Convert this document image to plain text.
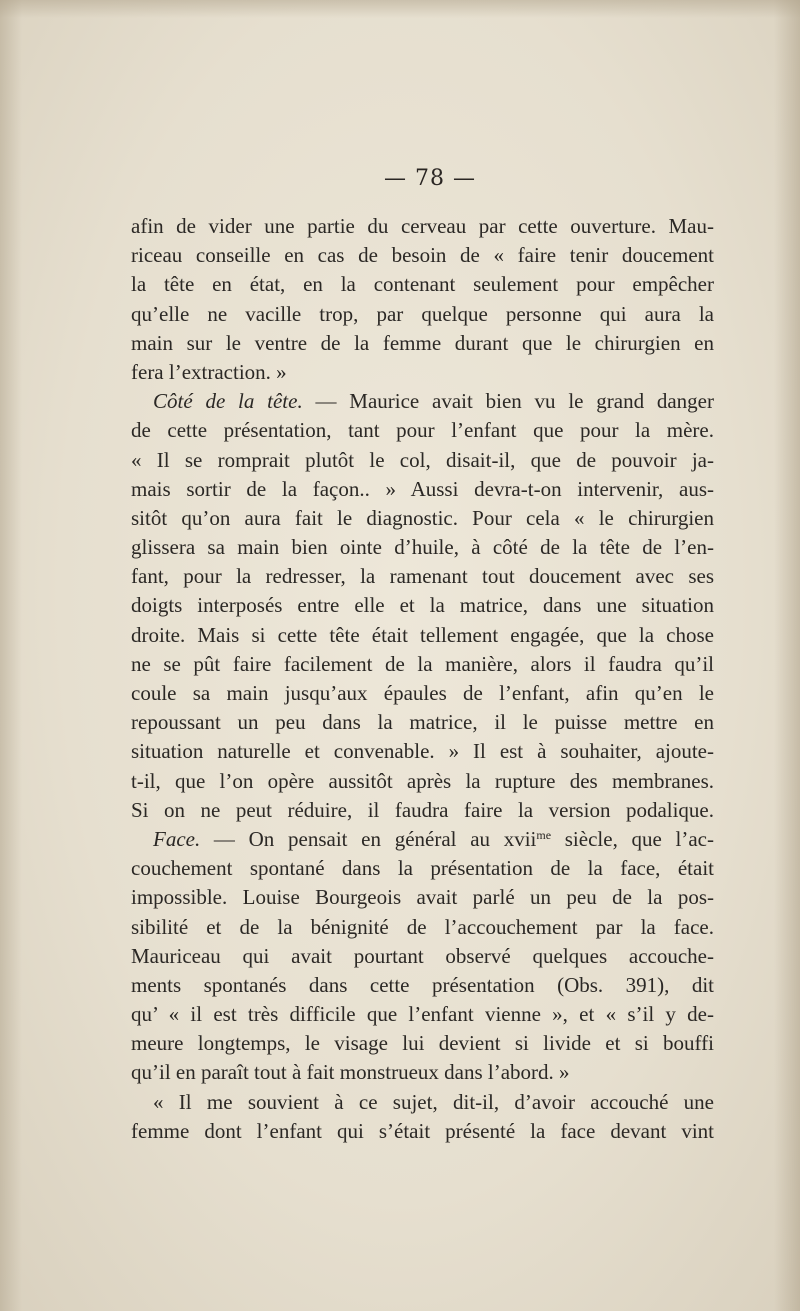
— 78 —
afin de vider une partie du cerveau par cette ouverture. Mau-
riceau conseille en cas de besoin de « faire tenir doucement
la tête en état, en la contenant seulement pour empêcher
qu’elle ne vacille trop, par quelque personne qui aura la
main sur le ventre de la femme durant que le chirurgien en
fera l’extraction. »
Côté de la tête. — Maurice avait bien vu le grand danger
de cette présentation, tant pour l’enfant que pour la mère.
« Il se romprait plutôt le col, disait-il, que de pouvoir ja-
mais sortir de la façon.. » Aussi devra-t-on intervenir, aus-
sitôt qu’on aura fait le diagnostic. Pour cela « le chirurgien
glissera sa main bien ointe d’huile, à côté de la tête de l’en-
fant, pour la redresser, la ramenant tout doucement avec ses
doigts interposés entre elle et la matrice, dans une situation
droite. Mais si cette tête était tellement engagée, que la chose
ne se pût faire facilement de la manière, alors il faudra qu’il
coule sa main jusqu’aux épaules de l’enfant, afin qu’en le
repoussant un peu dans la matrice, il le puisse mettre en
situation naturelle et convenable. » Il est à souhaiter, ajoute-
t-il, que l’on opère aussitôt après la rupture des membranes.
Si on ne peut réduire, il faudra faire la version podalique.
Face. — On pensait en général au xvii$^{me}$ siècle, que l’ac-
couchement spontané dans la présentation de la face, était
impossible. Louise Bourgeois avait parlé un peu de la pos-
sibilité et de la bénignité de l’accouchement par la face.
Mauriceau qui avait pourtant observé quelques accouche-
ments spontanés dans cette présentation (Obs. 391), dit
qu’ « il est très difficile que l’enfant vienne », et « s’il y de-
meure longtemps, le visage lui devient si livide et si bouffi
qu’il en paraît tout à fait monstrueux dans l’abord. »
« Il me souvient à ce sujet, dit-il, d’avoir accouché une
femme dont l’enfant qui s’était présenté la face devant vint
